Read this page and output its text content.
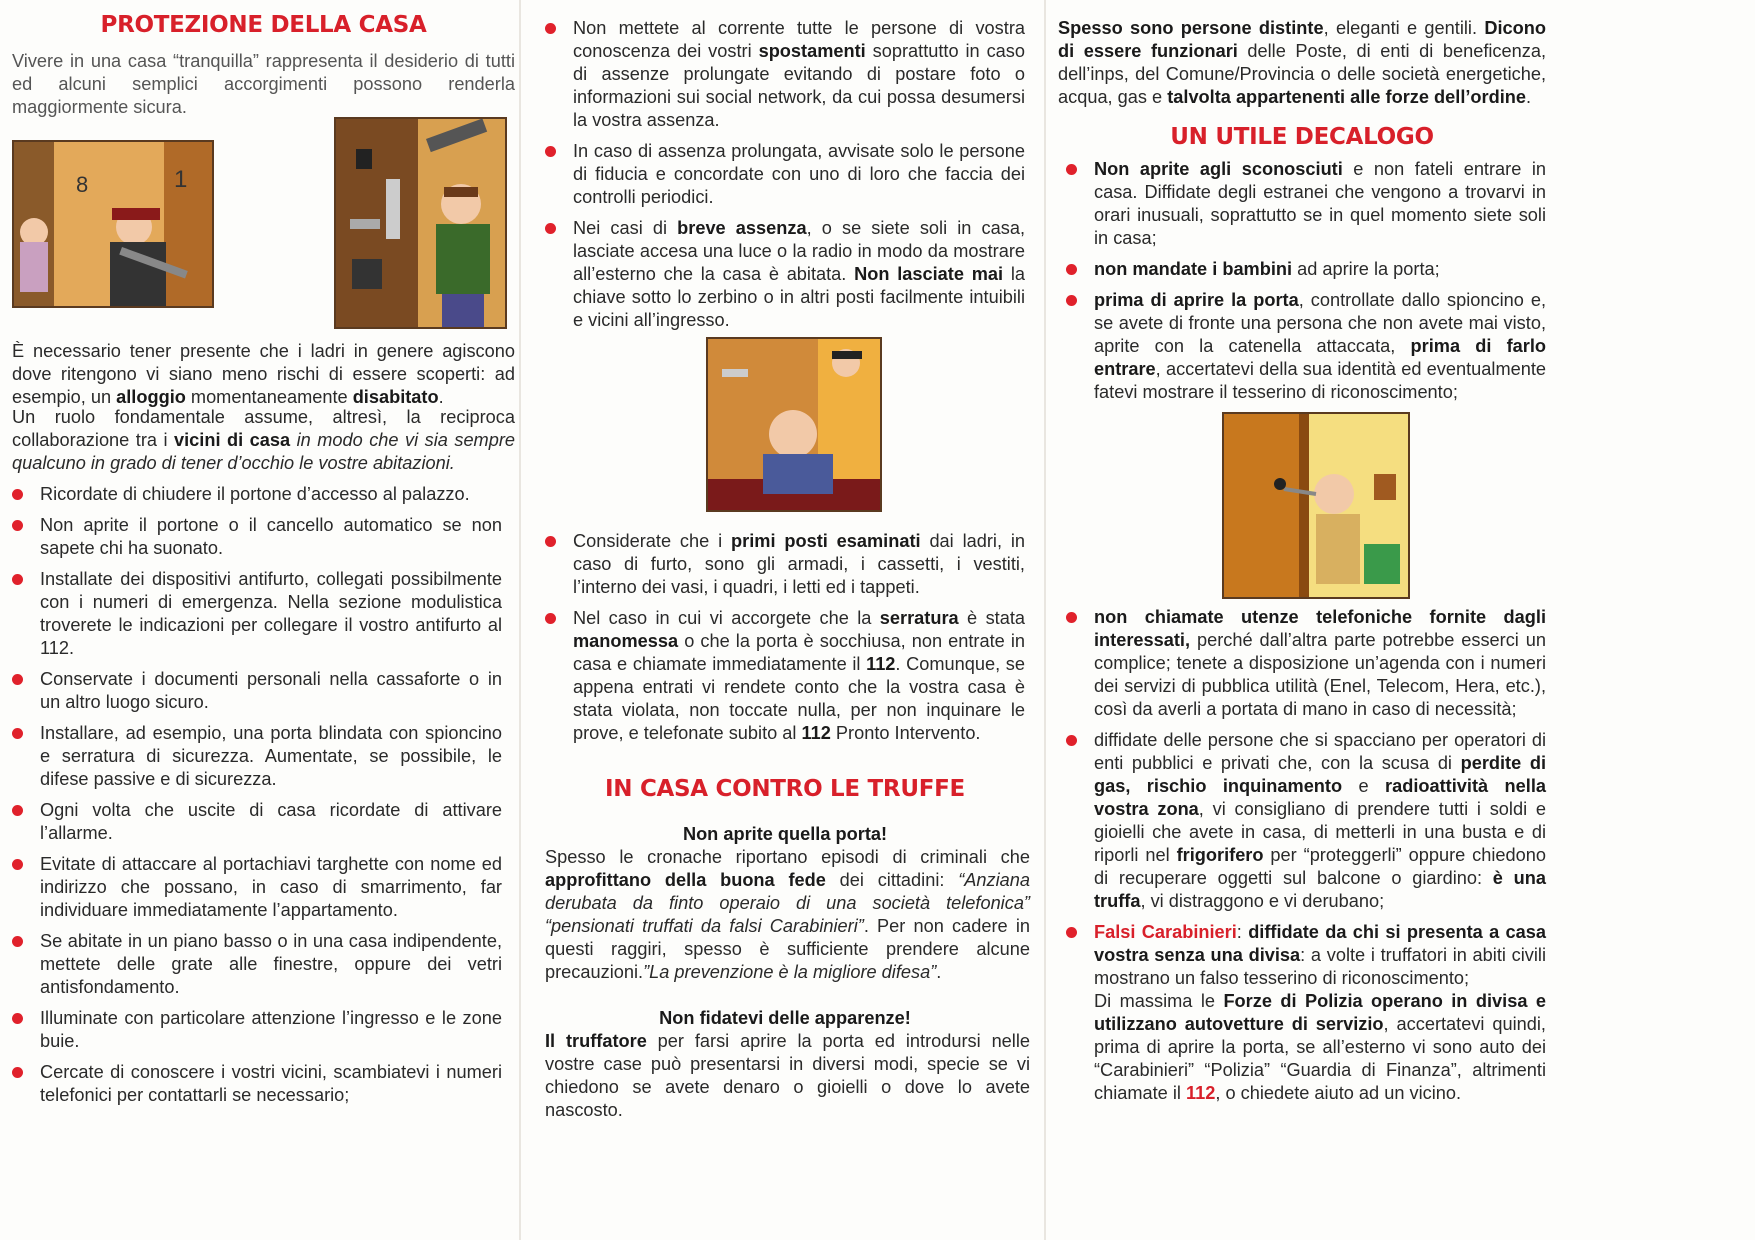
PROTEZIONE DELLA CASA
Vivere in una casa “tranquilla” rappresenta il desiderio di tutti ed alcuni semplici accorgimenti possono renderla maggiormente sicura.
8	1
È necessario tener presente che i ladri in genere agiscono dove ritengono vi siano meno rischi di essere scoperti: ad esempio, un alloggio momentaneamente disabitato.
Un ruolo fondamentale assume, altresì, la reciproca collaborazione tra i vicini di casa in modo che vi sia sempre qualcuno in grado di tener d’occhio le vostre abitazioni.
Ricordate di chiudere il portone d’accesso al palazzo.
Non aprite il portone o il cancello automatico se non sapete chi ha suonato.
Installate dei dispositivi antifurto, collegati possibilmente con i numeri di emergenza. Nella sezione modulistica troverete le indicazioni per collegare il vostro antifurto al 112.
Conservate i documenti personali nella cassaforte o in un altro luogo sicuro.
Installare, ad esempio, una porta blindata con spioncino e serratura di sicurezza. Aumentate, se possibile, le difese passive e di sicurezza.
Ogni volta che uscite di casa ricordate di attivare l’allarme.
Evitate di attaccare al portachiavi targhette con nome ed indirizzo che possano, in caso di smarrimento, far individuare immediatamente l’appartamento.
Se abitate in un piano basso o in una casa indipendente, mettete delle grate alle finestre, oppure dei vetri antisfondamento.
Illuminate con particolare attenzione l’ingresso e le zone buie.
Cercate di conoscere i vostri vicini, scambiatevi i numeri telefonici per contattarli se necessario;
Non mettete al corrente tutte le persone di vostra conoscenza dei vostri spostamenti soprattutto in caso di assenze prolungate evitando di postare foto o informazioni sui social network, da cui possa desumersi la vostra assenza.
In caso di assenza prolungata, avvisate solo le persone di fiducia e concordate con uno di loro che faccia dei controlli periodici.
Nei casi di breve assenza, o se siete soli in casa, lasciate accesa una luce o la radio in modo da mostrare all’esterno che la casa è abitata. Non lasciate mai la chiave sotto lo zerbino o in altri posti facilmente intuibili e vicini all’ingresso.
Considerate che i primi posti esaminati dai ladri, in caso di furto, sono gli armadi, i cassetti, i vestiti, l’interno dei vasi, i quadri, i letti ed i tappeti.
Nel caso in cui vi accorgete che la serratura è stata manomessa o che la porta è socchiusa, non entrate in casa e chiamate immediatamente il 112. Comunque, se appena entrati vi rendete conto che la vostra casa è stata violata, non toccate nulla, per non inquinare le prove, e telefonate subito al 112 Pronto Intervento.
IN CASA CONTRO LE TRUFFE
Non aprite quella porta!
Spesso le cronache riportano episodi di criminali che approfittano della buona fede dei cittadini: “Anziana derubata da finto operaio di una società telefonica” “pensionati truffati da falsi Carabinieri”. Per non cadere in questi raggiri, spesso è sufficiente prendere alcune precauzioni.”La prevenzione è la migliore difesa”.
Non fidatevi delle apparenze!
Il truffatore per farsi aprire la porta ed introdursi nelle vostre case può presentarsi in diversi modi, specie se vi chiedono se avete denaro o gioielli o dove lo avete nascosto.
Spesso sono persone distinte, eleganti e gentili. Dicono di essere funzionari delle Poste, di enti di beneficenza, dell’inps, del Comune/Provincia o delle società energetiche, acqua, gas e talvolta appartenenti alle forze dell’ordine.
UN UTILE DECALOGO
Non aprite agli sconosciuti e non fateli entrare in casa. Diffidate degli estranei che vengono a trovarvi in orari inusuali, soprattutto se in quel momento siete soli in casa;
non mandate i bambini ad aprire la porta;
prima di aprire la porta, controllate dallo spioncino e, se avete di fronte una persona che non avete mai visto, aprite con la catenella attaccata, prima di farlo entrare, accertatevi della sua identità ed eventualmente fatevi mostrare il tesserino di riconoscimento;
non chiamate utenze telefoniche fornite dagli interessati, perché dall’altra parte potrebbe esserci un complice; tenete a disposizione un’agenda con i numeri dei servizi di pubblica utilità (Enel, Telecom, Hera, etc.), così da averli a portata di mano in caso di necessità;
diffidate delle persone che si spacciano per operatori di enti pubblici e privati che, con la scusa di perdite di gas, rischio inquinamento e radioattività nella vostra zona, vi consigliano di prendere tutti i soldi e gioielli che avete in casa, di metterli in una busta e di riporli nel frigorifero per “proteggerli” oppure chiedono di recuperare oggetti sul balcone o giardino: è una truffa, vi distraggono e vi derubano;
Falsi Carabinieri: diffidate da chi si presenta a casa vostra senza una divisa: a volte i truffatori in abiti civili mostrano un falso tesserino di riconoscimento;
Di massima le Forze di Polizia operano in divisa e utilizzano autovetture di servizio, accertatevi quindi, prima di aprire la porta, se all’esterno vi sono auto dei “Carabinieri” “Polizia” “Guardia di Finanza”, altrimenti chiamate il 112, o chiedete aiuto ad un vicino.
